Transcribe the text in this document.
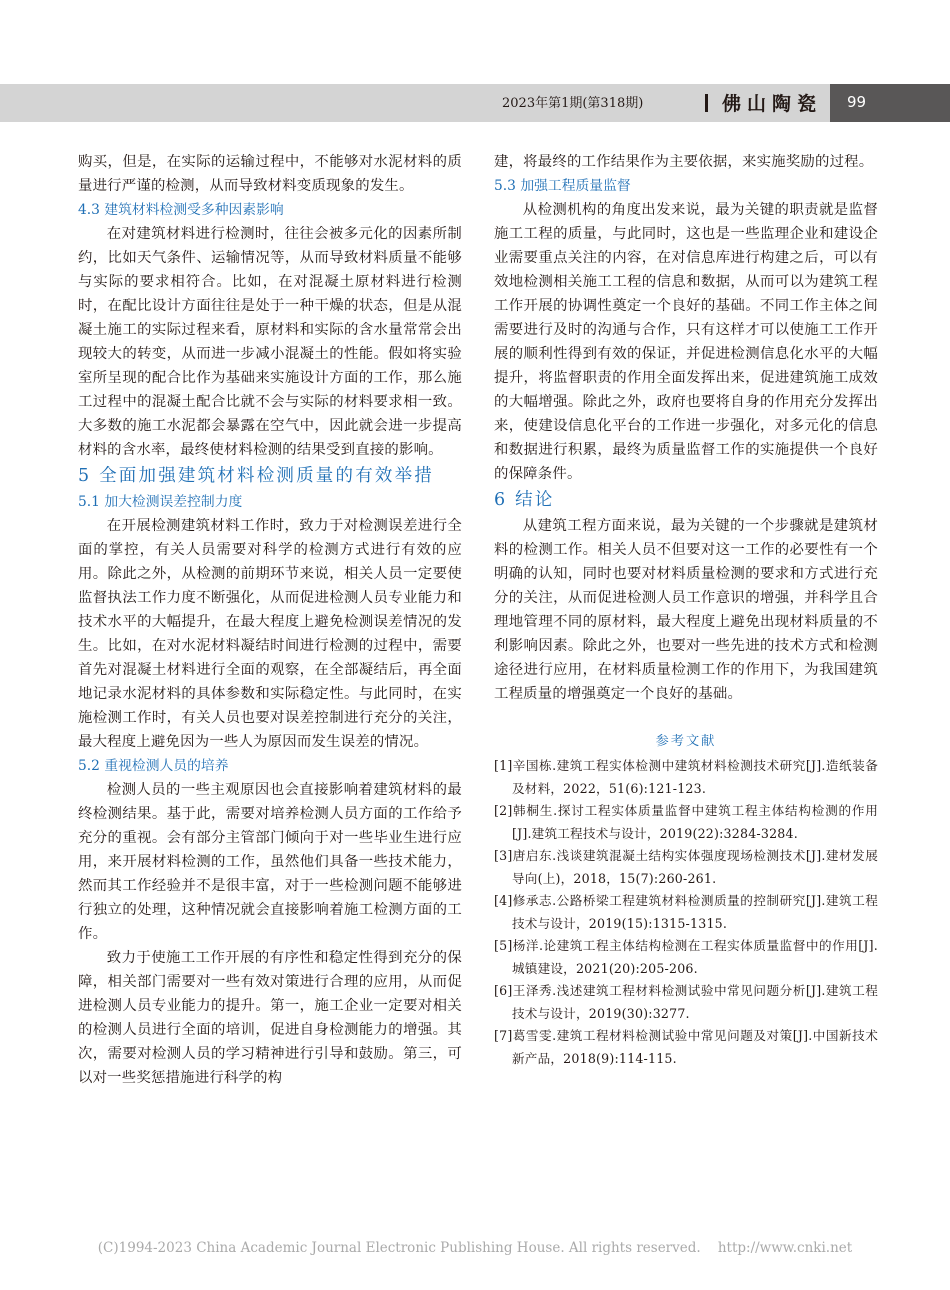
2023年第1期(第318期)	佛山陶瓷 99

购买，但是，在实际的运输过程中，不能够对水泥材料的质量进行严谨的检测，从而导致材料变质现象的发生。

4.3 建筑材料检测受多种因素影响

在对建筑材料进行检测时，往往会被多元化的因素所制约，比如天气条件、运输情况等，从而导致材料质量不能够与实际的要求相符合。比如，在对混凝土原材料进行检测时，在配比设计方面往往是处于一种干燥的状态，但是从混凝土施工的实际过程来看，原材料和实际的含水量常常会出现较大的转变，从而进一步减小混凝土的性能。假如将实验室所呈现的配合比作为基础来实施设计方面的工作，那么施工过程中的混凝土配合比就不会与实际的材料要求相一致。大多数的施工水泥都会暴露在空气中，因此就会进一步提高材料的含水率，最终使材料检测的结果受到直接的影响。

5 全面加强建筑材料检测质量的有效举措
5.1 加大检测误差控制力度

在开展检测建筑材料工作时，致力于对检测误差进行全面的掌控，有关人员需要对科学的检测方式进行有效的应用。除此之外，从检测的前期环节来说，相关人员一定要使监督执法工作力度不断强化，从而促进检测人员专业能力和技术水平的大幅提升，在最大程度上避免检测误差情况的发生。比如，在对水泥材料凝结时间进行检测的过程中，需要首先对混凝土材料进行全面的观察，在全部凝结后，再全面地记录水泥材料的具体参数和实际稳定性。与此同时，在实施检测工作时，有关人员也要对误差控制进行充分的关注，最大程度上避免因为一些人为原因而发生误差的情况。

5.2 重视检测人员的培养

检测人员的一些主观原因也会直接影响着建筑材料的最终检测结果。基于此，需要对培养检测人员方面的工作给予充分的重视。会有部分主管部门倾向于对一些毕业生进行应用，来开展材料检测的工作，虽然他们具备一些技术能力，然而其工作经验并不是很丰富，对于一些检测问题不能够进行独立的处理，这种情况就会直接影响着施工检测方面的工作。

致力于使施工工作开展的有序性和稳定性得到充分的保障，相关部门需要对一些有效对策进行合理的应用，从而促进检测人员专业能力的提升。第一，施工企业一定要对相关的检测人员进行全面的培训，促进自身检测能力的增强。其次，需要对检测人员的学习精神进行引导和鼓励。第三，可以对一些奖惩措施进行科学的构

建，将最终的工作结果作为主要依据，来实施奖励的过程。

5.3 加强工程质量监督

从检测机构的角度出发来说，最为关键的职责就是监督施工工程的质量，与此同时，这也是一些监理企业和建设企业需要重点关注的内容，在对信息库进行构建之后，可以有效地检测相关施工工程的信息和数据，从而可以为建筑工程工作开展的协调性奠定一个良好的基础。不同工作主体之间需要进行及时的沟通与合作，只有这样才可以使施工工作开展的顺利性得到有效的保证，并促进检测信息化水平的大幅提升，将监督职责的作用全面发挥出来，促进建筑施工成效的大幅增强。除此之外，政府也要将自身的作用充分发挥出来，使建设信息化平台的工作进一步强化，对多元化的信息和数据进行积累，最终为质量监督工作的实施提供一个良好的保障条件。

6 结论

从建筑工程方面来说，最为关键的一个步骤就是建筑材料的检测工作。相关人员不但要对这一工作的必要性有一个明确的认知，同时也要对材料质量检测的要求和方式进行充分的关注，从而促进检测人员工作意识的增强，并科学且合理地管理不同的原材料，最大程度上避免出现材料质量的不利影响因素。除此之外，也要对一些先进的技术方式和检测途径进行应用，在材料质量检测工作的作用下，为我国建筑工程质量的增强奠定一个良好的基础。

参考文献

[1]辛国栋.建筑工程实体检测中建筑材料检测技术研究[J].造纸装备及材料，2022，51(6):121-123.

[2]韩桐生.探讨工程实体质量监督中建筑工程主体结构检测的作用[J].建筑工程技术与设计，2019(22):3284-3284.

[3]唐启东.浅谈建筑混凝土结构实体强度现场检测技术[J].建材发展导向(上)，2018，15(7):260-261.

[4]修承志.公路桥梁工程建筑材料检测质量的控制研究[J].建筑工程技术与设计，2019(15):1315-1315.

[5]杨洋.论建筑工程主体结构检测在工程实体质量监督中的作用[J].城镇建设，2021(20):205-206.

[6]王泽秀.浅述建筑工程材料检测试验中常见问题分析[J].建筑工程技术与设计，2019(30):3277.

[7]葛雪雯.建筑工程材料检测试验中常见问题及对策[J].中国新技术新产品，2018(9):114-115.

(C)1994-2023 China Academic Journal Electronic Publishing House. All rights reserved.    http://www.cnki.net
